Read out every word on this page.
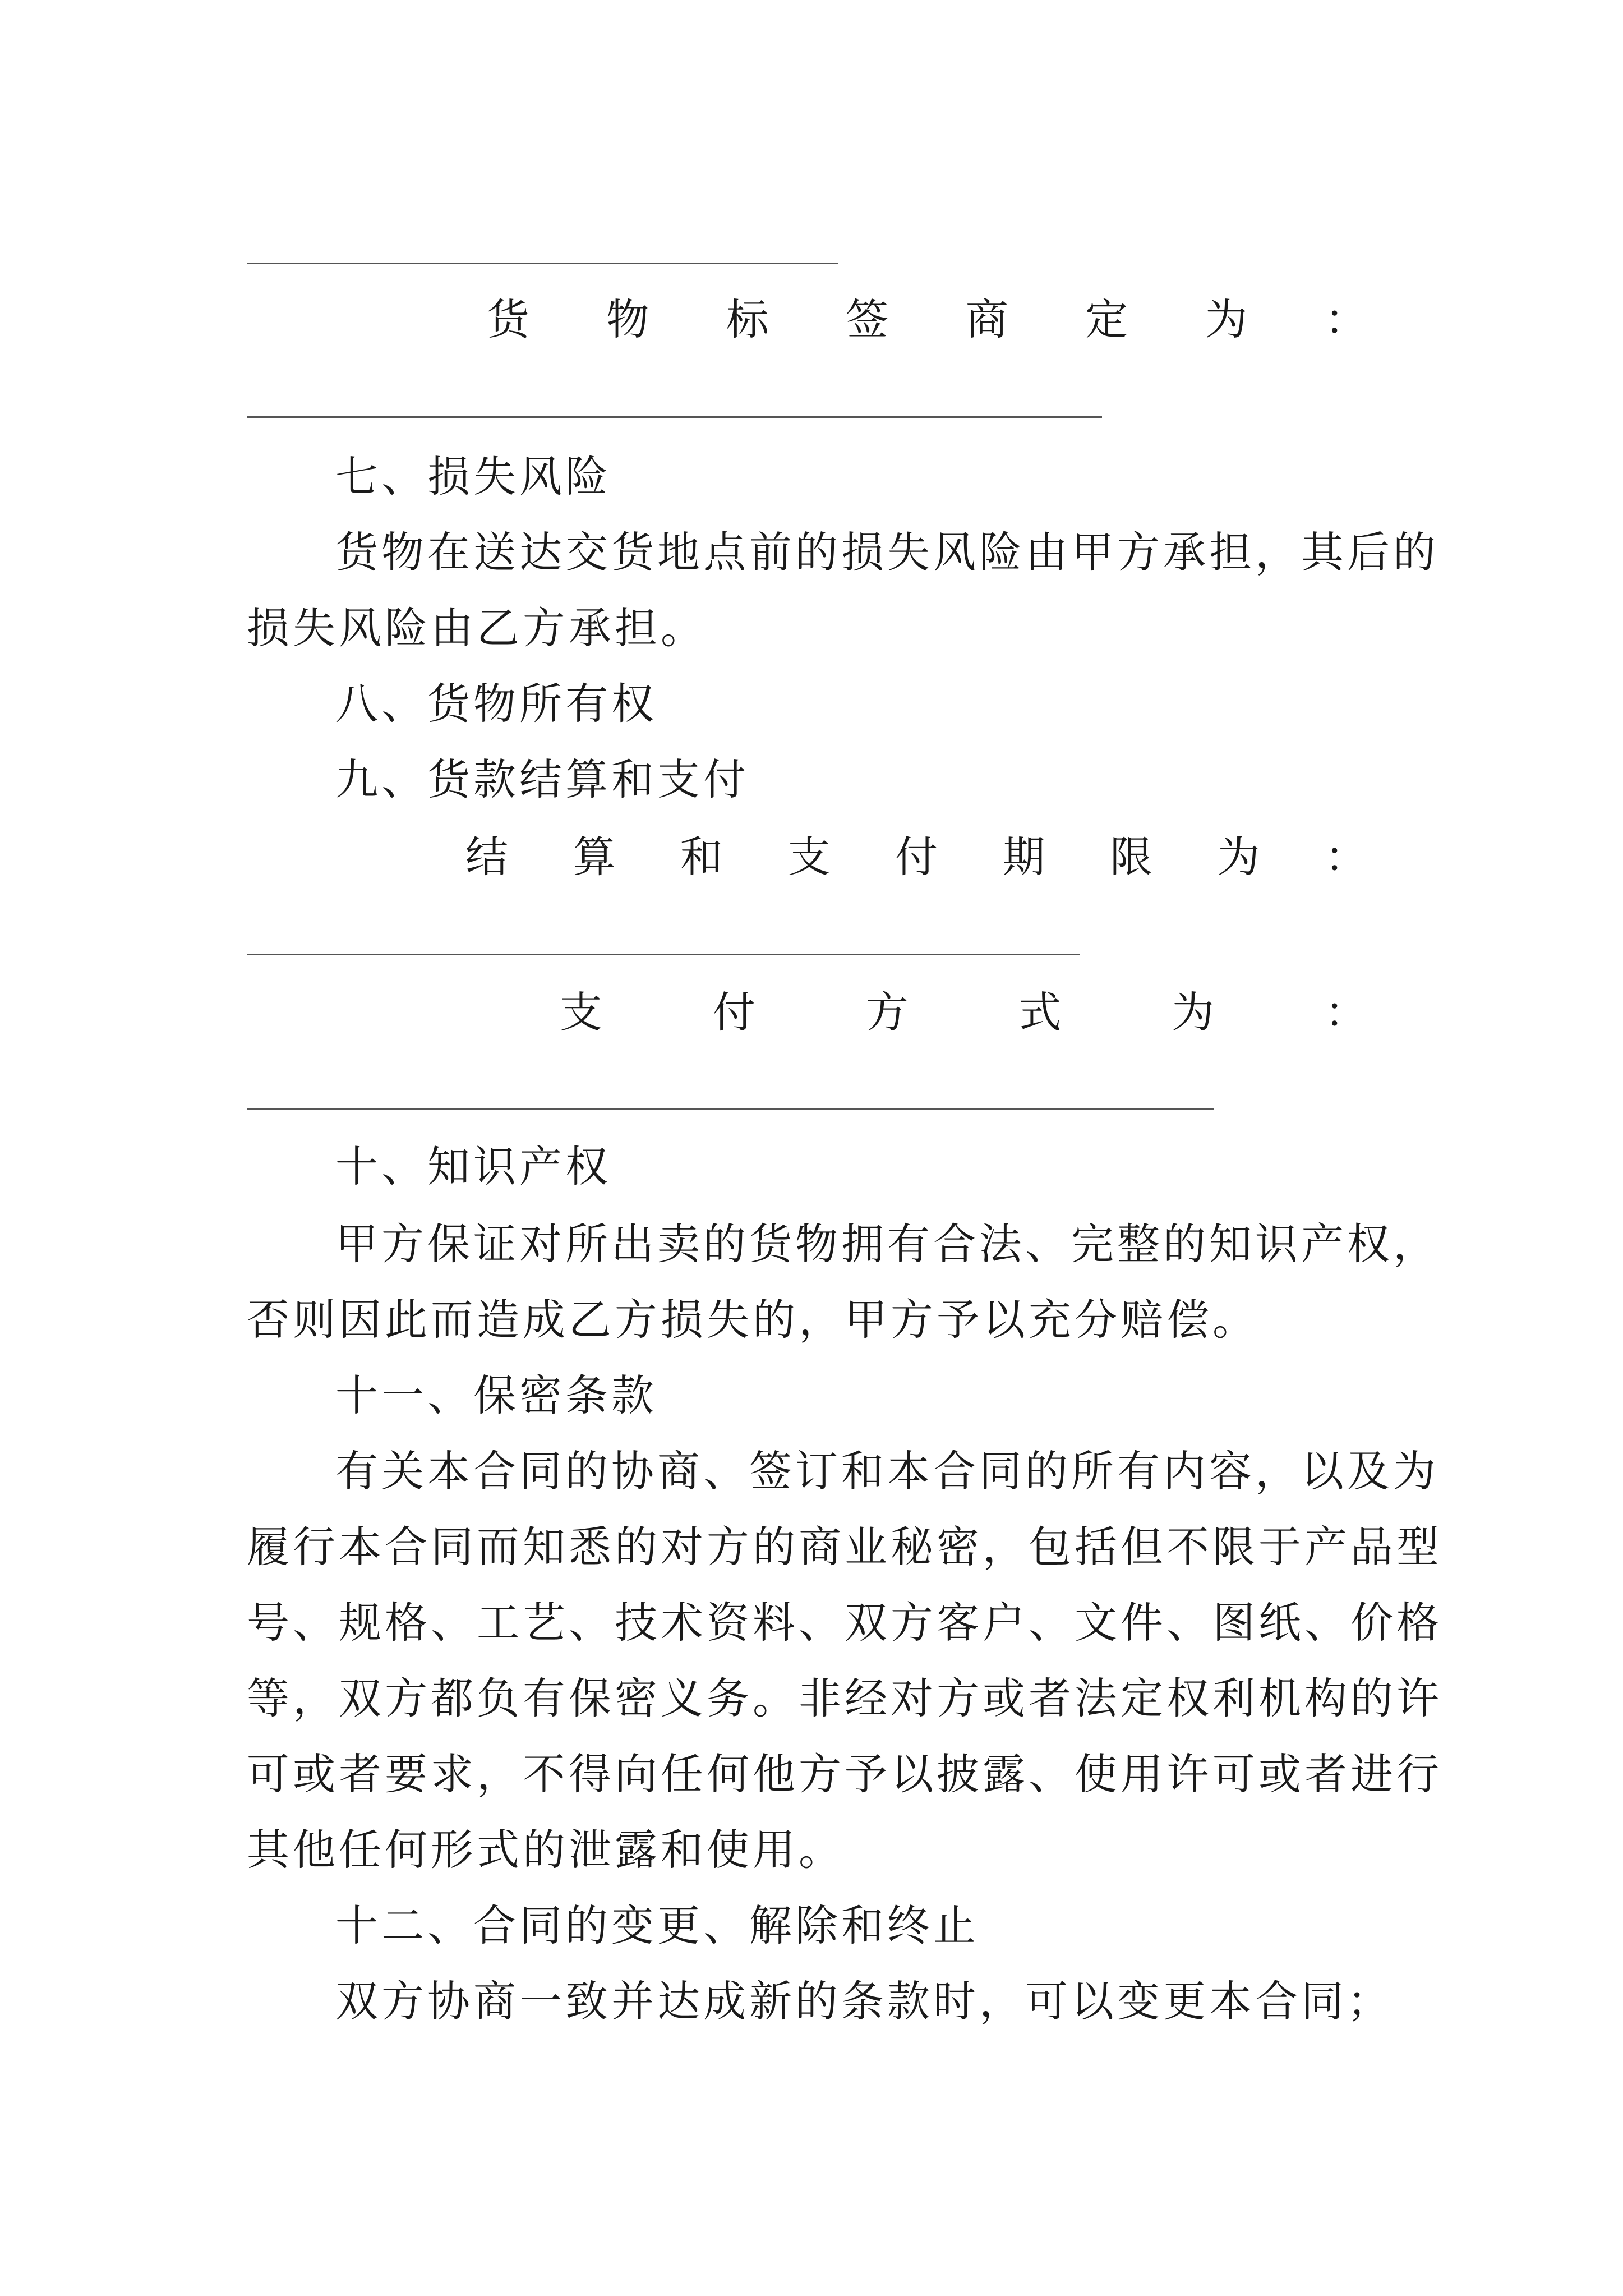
货 物 标 签 商 定 为 ：
七、损失风险
货物在送达交货地点前的损失风险由甲方承担，其后的
损失风险由乙方承担。
八、货物所有权
九、货款结算和支付
结 算 和 支 付 期 限 为 ：
支	付	方	式	为	：
十、知识产权
甲方保证对所出卖的货物拥有合法、完整的知识产权，
否则因此而造成乙方损失的，甲方予以充分赔偿。
十一、保密条款
有关本合同的协商、签订和本合同的所有内容，以及为
履行本合同而知悉的对方的商业秘密，包括但不限于产品型
号、规格、工艺、技术资料、双方客户、文件、图纸、价格
等，双方都负有保密义务。非经对方或者法定权利机构的许
可或者要求，不得向任何他方予以披露、使用许可或者进行
其他任何形式的泄露和使用。
十二、合同的变更、解除和终止
双方协商一致并达成新的条款时，可以变更本合同；
